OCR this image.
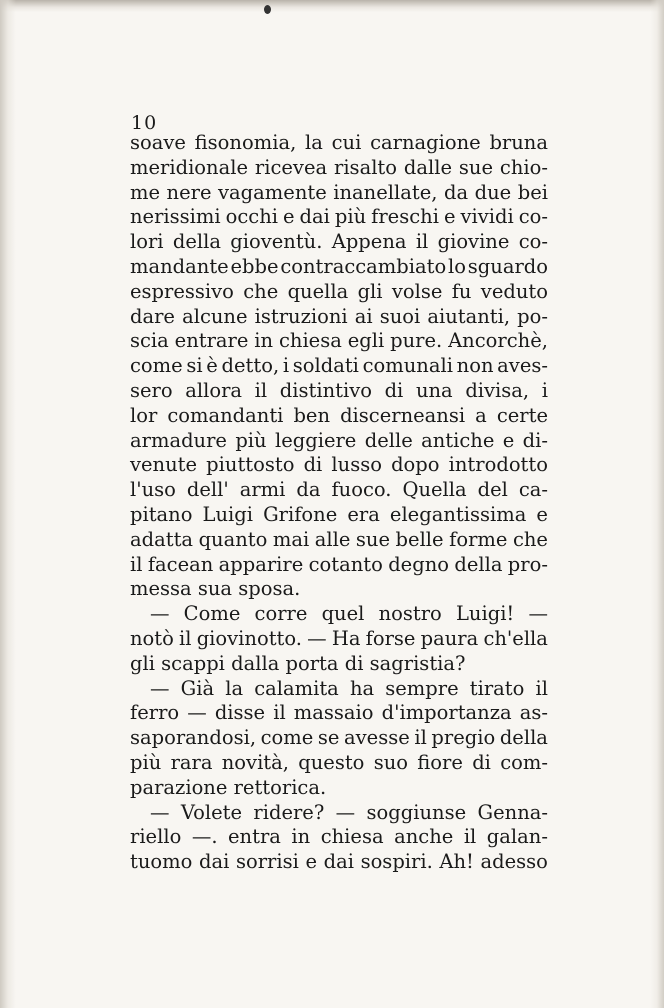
10
soave fisonomia, la cui carnagione bruna
meridionale ricevea risalto dalle sue chio-
me nere vagamente inanellate, da due bei
nerissimi occhi e dai più freschi e vividi co-
lori della gioventù. Appena il giovine co-
mandante ebbe contraccambiato lo sguardo
espressivo che quella gli volse fu veduto
dare alcune istruzioni ai suoi aiutanti, po-
scia entrare in chiesa egli pure. Ancorchè,
come si è detto, i soldati comunali non aves-
sero allora il distintivo di una divisa, i
lor comandanti ben discerneansi a certe
armadure più leggiere delle antiche e di-
venute piuttosto di lusso dopo introdotto
l'uso dell' armi da fuoco. Quella del ca-
pitano Luigi Grifone era elegantissima e
adatta quanto mai alle sue belle forme che
il facean apparire cotanto degno della pro-
messa sua sposa.
— Come corre quel nostro Luigi! —
notò il giovinotto. — Ha forse paura ch'ella
gli scappi dalla porta di sagristia?
— Già la calamita ha sempre tirato il
ferro — disse il massaio d'importanza as-
saporandosi, come se avesse il pregio della
più rara novità, questo suo fiore di com-
parazione rettorica.
— Volete ridere? — soggiunse Genna-
riello —. entra in chiesa anche il galan-
tuomo dai sorrisi e dai sospiri. Ah! adesso
